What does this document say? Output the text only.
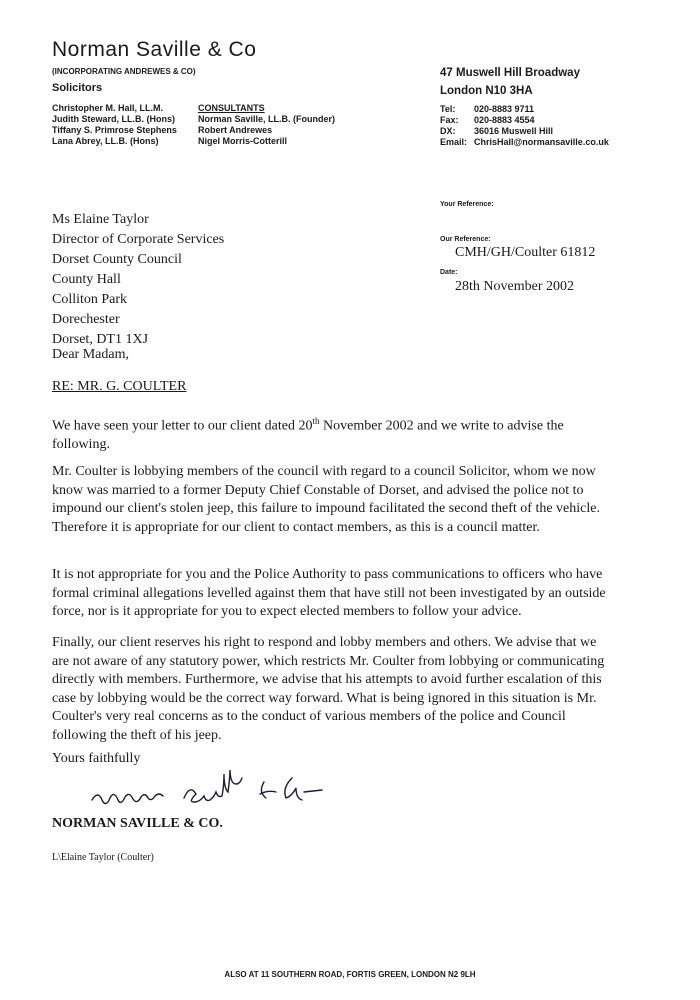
Norman Saville & Co
(INCORPORATING ANDREWES & CO)
Solicitors
Christopher M. Hall, LL.M.
Judith Steward, LL.B. (Hons)
Tiffany S. Primrose Stephens
Lana Abrey, LL.B. (Hons)
CONSULTANTS
Norman Saville, LL.B. (Founder)
Robert Andrewes
Nigel Morris-Cotterill
47 Muswell Hill Broadway
London N10 3HA
Tel:	020-8883 9711
Fax:	020-8883 4554
DX:	36016 Muswell Hill
Email:	ChrisHall@normansaville.co.uk
Your Reference:
Our Reference:
CMH/GH/Coulter 61812
Date:
28th November 2002
Ms Elaine Taylor
Director of Corporate Services
Dorset County Council
County Hall
Colliton Park
Dorechester
Dorset, DT1 1XJ
Dear Madam,
RE: MR. G. COULTER
We have seen your letter to our client dated 20th November 2002 and we write to advise the following.
Mr. Coulter is lobbying members of the council with regard to a council Solicitor, whom we now know was married to a former Deputy Chief Constable of Dorset, and advised the police not to impound our client's stolen jeep, this failure to impound facilitated the second theft of the vehicle. Therefore it is appropriate for our client to contact members, as this is a council matter.
It is not appropriate for you and the Police Authority to pass communications to officers who have formal criminal allegations levelled against them that have still not been investigated by an outside force, nor is it appropriate for you to expect elected members to follow your advice.
Finally, our client reserves his right to respond and lobby members and others. We advise that we are not aware of any statutory power, which restricts Mr. Coulter from lobbying or communicating directly with members. Furthermore, we advise that his attempts to avoid further escalation of this case by lobbying would be the correct way forward. What is being ignored in this situation is Mr. Coulter's very real concerns as to the conduct of various members of the police and Council following the theft of his jeep.
Yours faithfully
NORMAN SAVILLE & CO.
L\Elaine Taylor (Coulter)
ALSO AT 11 SOUTHERN ROAD, FORTIS GREEN, LONDON N2 9LH
